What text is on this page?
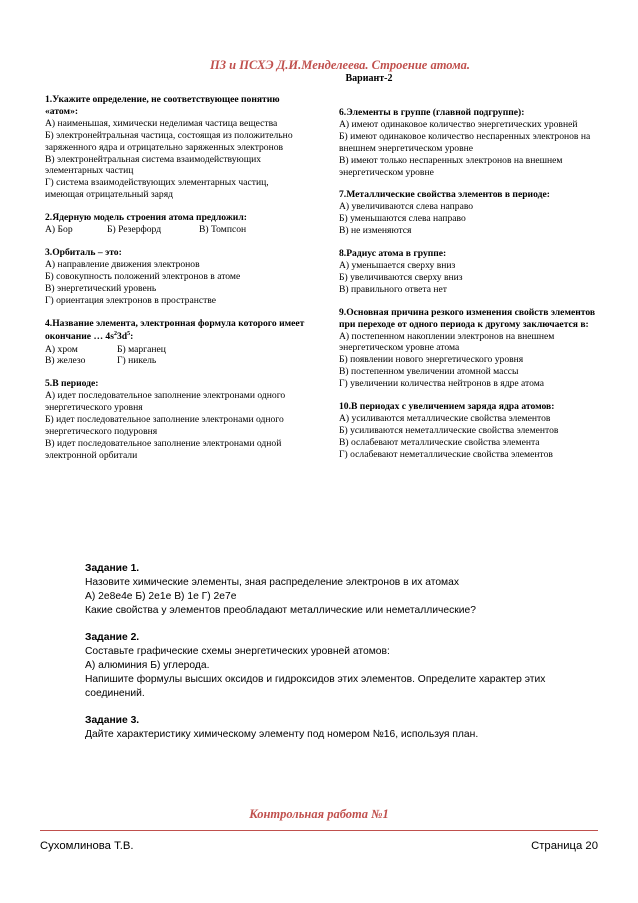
ПЗ и ПСХЭ Д.И.Менделеева. Строение атома.
Вариант-2
1.Укажите определение, не соответствующее понятию «атом»:
А) наименьшая, химически неделимая частица вещества
Б) электронейтральная частица, состоящая из положительно заряженного ядра и отрицательно заряженных электронов
В) электронейтральная система взаимодействующих элементарных частиц
Г) система взаимодействующих элементарных частиц, имеющая отрицательный заряд
2.Ядерную модель строения атома предложил:
А) Бор	Б) Резерфорд	В) Томпсон
3.Орбиталь – это:
А) направление движения электронов
Б) совокупность положений электронов в атоме
В) энергетический уровень
Г) ориентация электронов в пространстве
4.Название элемента, электронная формула которого имеет окончание … $4s^23d^5$:
А) хром	Б) марганец
В) железо	Г) никель
5.В периоде:
А) идет последовательное заполнение электронами одного энергетического уровня
Б) идет последовательное заполнение электронами одного энергетического подуровня
В) идет последовательное заполнение электронами одной электронной орбитали
6.Элементы в группе (главной подгруппе):
А) имеют одинаковое количество энергетических уровней
Б) имеют одинаковое количество неспаренных электронов на внешнем энергетическом уровне
В) имеют только неспаренных электронов на внешнем энергетическом уровне
7.Металлические свойства элементов в периоде:
А) увеличиваются слева направо
Б) уменьшаются слева направо
В) не изменяются
8.Радиус атома в группе:
А) уменьшается сверху вниз
Б) увеличиваются сверху вниз
В) правильного ответа нет
9.Основная причина резкого изменения свойств элементов при переходе от одного периода к другому заключается в:
А) постепенном накоплении электронов на внешнем энергетическом уровне атома
Б) появлении нового энергетического уровня
В) постепенном увеличении атомной массы
Г) увеличении количества нейтронов в ядре атома
10.В периодах с увеличением заряда ядра атомов:
А) усиливаются металлические свойства элементов
Б) усиливаются неметаллические свойства элементов
В) ослабевают металлические свойства элемента
Г) ослабевают неметаллические свойства элементов
Задание 1.
Назовите химические элементы, зная распределение электронов в их атомах
А) 2е8е4е Б) 2е1е В) 1е Г) 2е7е
Какие свойства у элементов преобладают металлические или неметаллические?
Задание 2.
Составьте графические схемы энергетических уровней атомов:
А) алюминия Б) углерода.
Напишите формулы высших оксидов и гидроксидов этих элементов. Определите характер этих соединений.
Задание 3.
Дайте характеристику химическому элементу под номером №16, используя план.
Контрольная работа №1
Сухомлинова Т.В.	Страница 20
